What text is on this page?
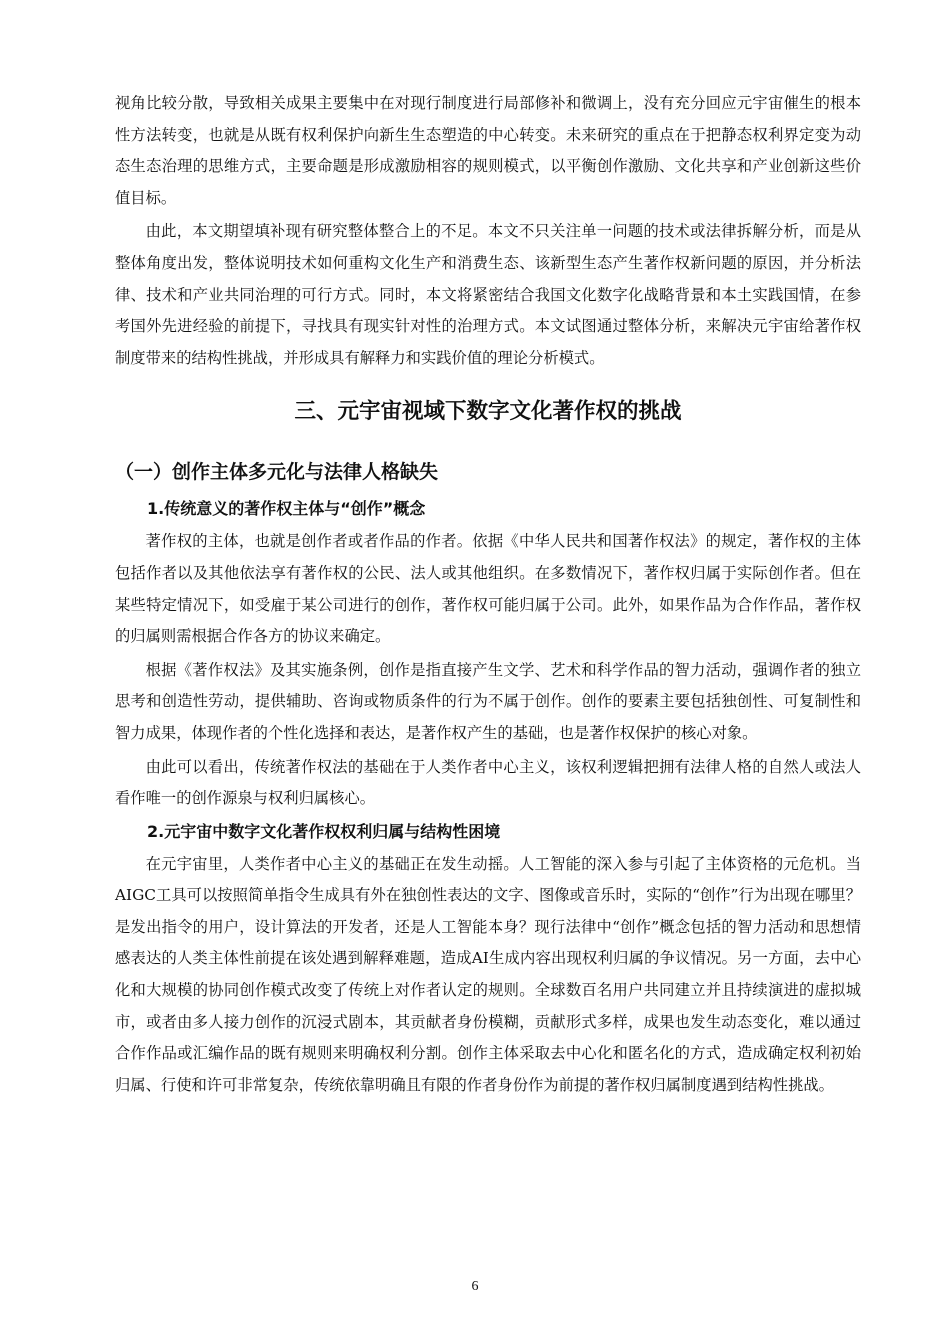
视角比较分散，导致相关成果主要集中在对现行制度进行局部修补和微调上，没有充分回应元宇宙催生的根本性方法转变，也就是从既有权利保护向新生生态塑造的中心转变。未来研究的重点在于把静态权利界定变为动态生态治理的思维方式，主要命题是形成激励相容的规则模式，以平衡创作激励、文化共享和产业创新这些价值目标。

由此，本文期望填补现有研究整体整合上的不足。本文不只关注单一问题的技术或法律拆解分析，而是从整体角度出发，整体说明技术如何重构文化生产和消费生态、该新型生态产生著作权新问题的原因，并分析法律、技术和产业共同治理的可行方式。同时，本文将紧密结合我国文化数字化战略背景和本土实践国情，在参考国外先进经验的前提下，寻找具有现实针对性的治理方式。本文试图通过整体分析，来解决元宇宙给著作权制度带来的结构性挑战，并形成具有解释力和实践价值的理论分析模式。

三、元宇宙视域下数字文化著作权的挑战

（一）创作主体多元化与法律人格缺失

1.传统意义的著作权主体与“创作”概念

著作权的主体，也就是创作者或者作品的作者。依据《中华人民共和国著作权法》的规定，著作权的主体包括作者以及其他依法享有著作权的公民、法人或其他组织。在多数情况下，著作权归属于实际创作者。但在某些特定情况下，如受雇于某公司进行的创作，著作权可能归属于公司。此外，如果作品为合作作品，著作权的归属则需根据合作各方的协议来确定。

根据《著作权法》及其实施条例，创作是指直接产生文学、艺术和科学作品的智力活动，强调作者的独立思考和创造性劳动，提供辅助、咨询或物质条件的行为不属于创作。创作的要素主要包括独创性、可复制性和智力成果，体现作者的个性化选择和表达，是著作权产生的基础，也是著作权保护的核心对象。

由此可以看出，传统著作权法的基础在于人类作者中心主义，该权利逻辑把拥有法律人格的自然人或法人看作唯一的创作源泉与权利归属核心。

2.元宇宙中数字文化著作权权利归属与结构性困境

在元宇宙里，人类作者中心主义的基础正在发生动摇。人工智能的深入参与引起了主体资格的元危机。当AIGC工具可以按照简单指令生成具有外在独创性表达的文字、图像或音乐时，实际的“创作”行为出现在哪里？是发出指令的用户，设计算法的开发者，还是人工智能本身？现行法律中“创作”概念包括的智力活动和思想情感表达的人类主体性前提在该处遇到解释难题，造成AI生成内容出现权利归属的争议情况。另一方面，去中心化和大规模的协同创作模式改变了传统上对作者认定的规则。全球数百名用户共同建立并且持续演进的虚拟城市，或者由多人接力创作的沉浸式剧本，其贡献者身份模糊，贡献形式多样，成果也发生动态变化，难以通过合作作品或汇编作品的既有规则来明确权利分割。创作主体采取去中心化和匿名化的方式，造成确定权利初始归属、行使和许可非常复杂，传统依靠明确且有限的作者身份作为前提的著作权归属制度遇到结构性挑战。

6
